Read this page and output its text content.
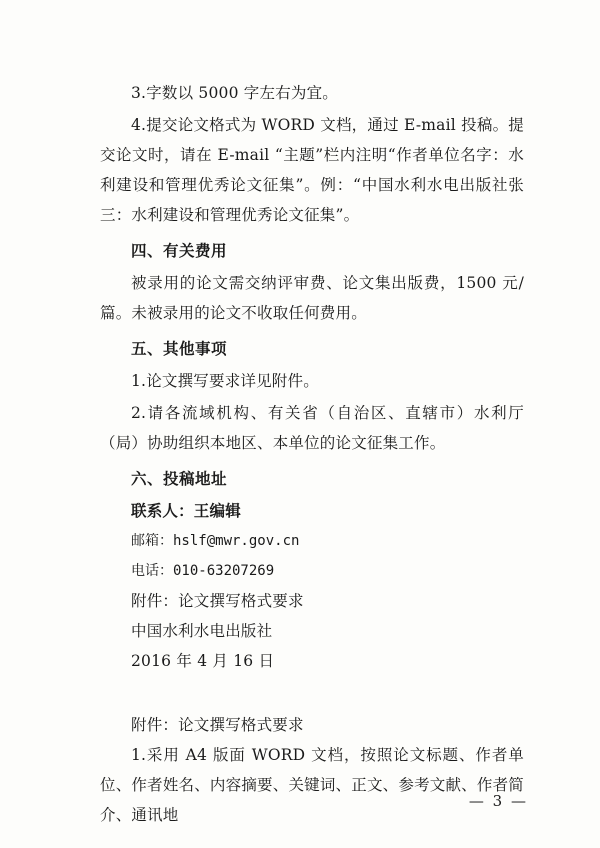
3.字数以 5000 字左右为宜。

4.提交论文格式为 WORD 文档，通过 E-mail 投稿。提交论文时，请在 E-mail “主题”栏内注明“作者单位名字：水利建设和管理优秀论文征集”。例：“中国水利水电出版社张三：水利建设和管理优秀论文征集”。

四、有关费用

被录用的论文需交纳评审费、论文集出版费，1500 元/篇。未被录用的论文不收取任何费用。

五、其他事项

1.论文撰写要求详见附件。

2.请各流域机构、有关省（自治区、直辖市）水利厅（局）协助组织本地区、本单位的论文征集工作。

六、投稿地址

联系人：王编辑

邮箱：hslf@mwr.gov.cn

电话：010-63207269

附件：论文撰写格式要求

中国水利水电出版社

2016 年 4 月 16 日

附件：论文撰写格式要求

1.采用 A4 版面 WORD 文档，按照论文标题、作者单位、作者姓名、内容摘要、关键词、正文、参考文献、作者简介、通讯地

— 3 —
